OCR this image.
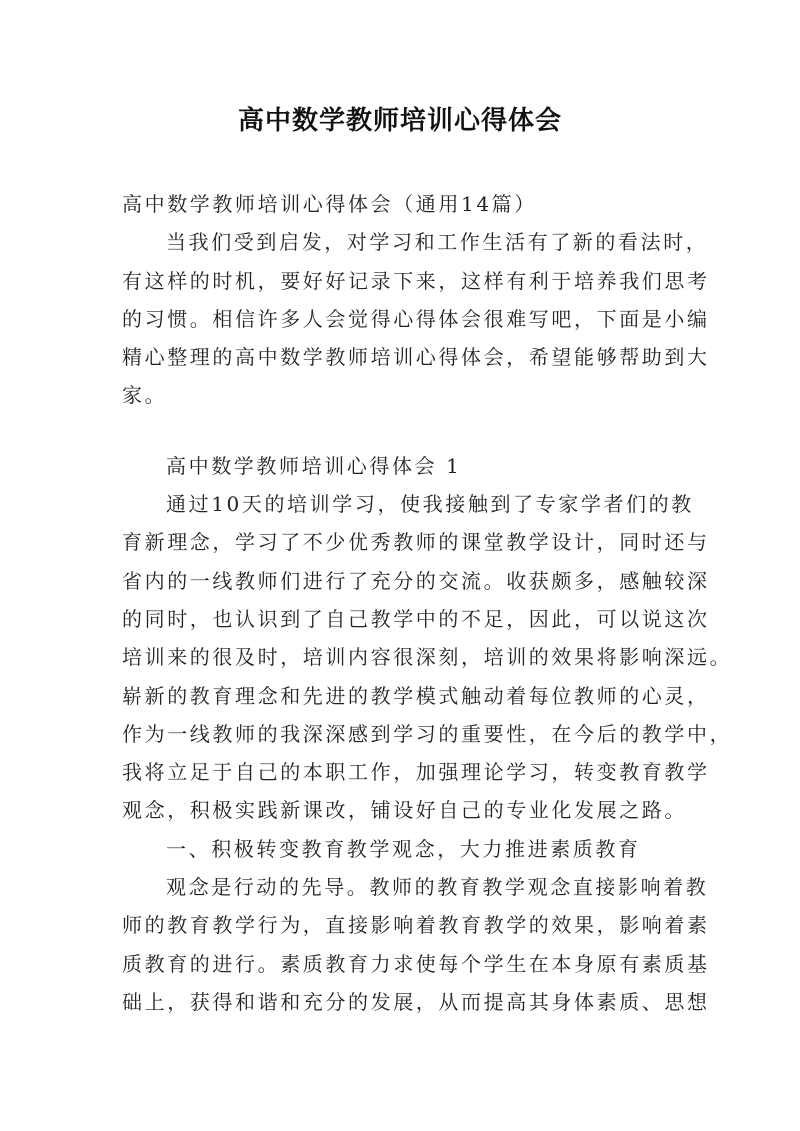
高中数学教师培训心得体会
高中数学教师培训心得体会（通用14篇）
当我们受到启发，对学习和工作生活有了新的看法时，
有这样的时机，要好好记录下来，这样有利于培养我们思考
的习惯。相信许多人会觉得心得体会很难写吧，下面是小编
精心整理的高中数学教师培训心得体会，希望能够帮助到大
家。
高中数学教师培训心得体会 1
通过10天的培训学习，使我接触到了专家学者们的教
育新理念，学习了不少优秀教师的课堂教学设计，同时还与
省内的一线教师们进行了充分的交流。收获颇多，感触较深
的同时，也认识到了自己教学中的不足，因此，可以说这次
培训来的很及时，培训内容很深刻，培训的效果将影响深远。
崭新的教育理念和先进的教学模式触动着每位教师的心灵，
作为一线教师的我深深感到学习的重要性，在今后的教学中，
我将立足于自己的本职工作，加强理论学习，转变教育教学
观念，积极实践新课改，铺设好自己的专业化发展之路。
一、积极转变教育教学观念，大力推进素质教育
观念是行动的先导。教师的教育教学观念直接影响着教
师的教育教学行为，直接影响着教育教学的效果，影响着素
质教育的进行。素质教育力求使每个学生在本身原有素质基
础上，获得和谐和充分的发展，从而提高其身体素质、思想
